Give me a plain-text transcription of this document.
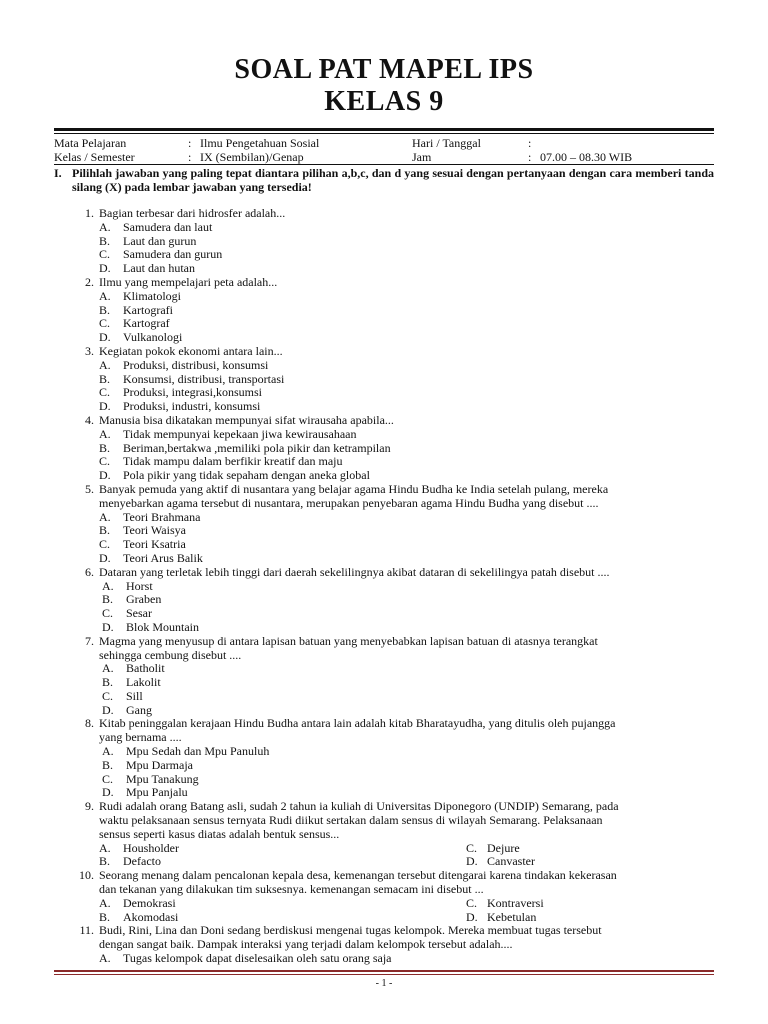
SOAL PAT MAPEL IPS
KELAS 9
Mata Pelajaran	: Ilmu Pengetahuan Sosial	Hari / Tanggal	:
Kelas / Semester	: IX (Sembilan)/Genap	Jam	: 07.00 – 08.30 WIB
I. Pilihlah jawaban yang paling tepat diantara pilihan a,b,c, dan d yang sesuai dengan pertanyaan dengan cara memberi tanda silang (X) pada lembar jawaban yang tersedia!
1. Bagian terbesar dari hidrosfer adalah...
A. Samudera dan laut
B. Laut dan gurun
C. Samudera dan gurun
D. Laut dan hutan
2. Ilmu yang mempelajari peta adalah...
A. Klimatologi
B. Kartografi
C. Kartograf
D. Vulkanologi
3. Kegiatan pokok ekonomi antara lain...
A. Produksi, distribusi, konsumsi
B. Konsumsi, distribusi, transportasi
C. Produksi, integrasi,konsumsi
D. Produksi, industri, konsumsi
4. Manusia bisa dikatakan mempunyai sifat wirausaha apabila...
A. Tidak mempunyai kepekaan jiwa kewirausahaan
B. Beriman,bertakwa ,memiliki pola pikir dan ketrampilan
C. Tidak mampu dalam berfikir kreatif dan maju
D. Pola pikir yang tidak sepaham dengan aneka global
5. Banyak pemuda yang aktif di nusantara yang belajar agama Hindu Budha ke India setelah pulang, mereka
menyebarkan agama tersebut di nusantara, merupakan penyebaran agama Hindu Budha yang disebut ....
A. Teori Brahmana
B. Teori Waisya
C. Teori Ksatria
D. Teori Arus Balik
6. Dataran yang terletak lebih tinggi dari daerah sekelilingnya akibat dataran di sekelilingya patah disebut ....
A. Horst
B. Graben
C. Sesar
D. Blok Mountain
7. Magma yang menyusup di antara lapisan batuan yang menyebabkan lapisan batuan di atasnya terangkat
sehingga cembung disebut ....
A. Batholit
B. Lakolit
C. Sill
D. Gang
8. Kitab peninggalan kerajaan Hindu Budha antara lain adalah kitab Bharatayudha, yang ditulis oleh pujangga
yang bernama ....
A. Mpu Sedah dan Mpu Panuluh
B. Mpu Darmaja
C. Mpu Tanakung
D. Mpu Panjalu
9. Rudi adalah orang Batang asli, sudah 2 tahun ia kuliah di Universitas Diponegoro (UNDIP) Semarang, pada
waktu pelaksanaan sensus ternyata Rudi diikut sertakan dalam sensus di wilayah Semarang. Pelaksanaan
sensus seperti kasus diatas adalah bentuk sensus...
A. Housholder	C. Dejure
B. Defacto	D. Canvaster
10. Seorang menang dalam pencalonan kepala desa, kemenangan tersebut ditengarai karena tindakan kekerasan
dan tekanan yang dilakukan tim suksesnya. kemenangan semacam ini disebut ...
A. Demokrasi	C. Kontraversi
B. Akomodasi	D. Kebetulan
11. Budi, Rini, Lina dan Doni sedang berdiskusi mengenai tugas kelompok. Mereka membuat tugas tersebut
dengan sangat baik. Dampak interaksi yang terjadi dalam kelompok tersebut adalah....
A. Tugas kelompok dapat diselesaikan oleh satu orang saja
- 1 -
